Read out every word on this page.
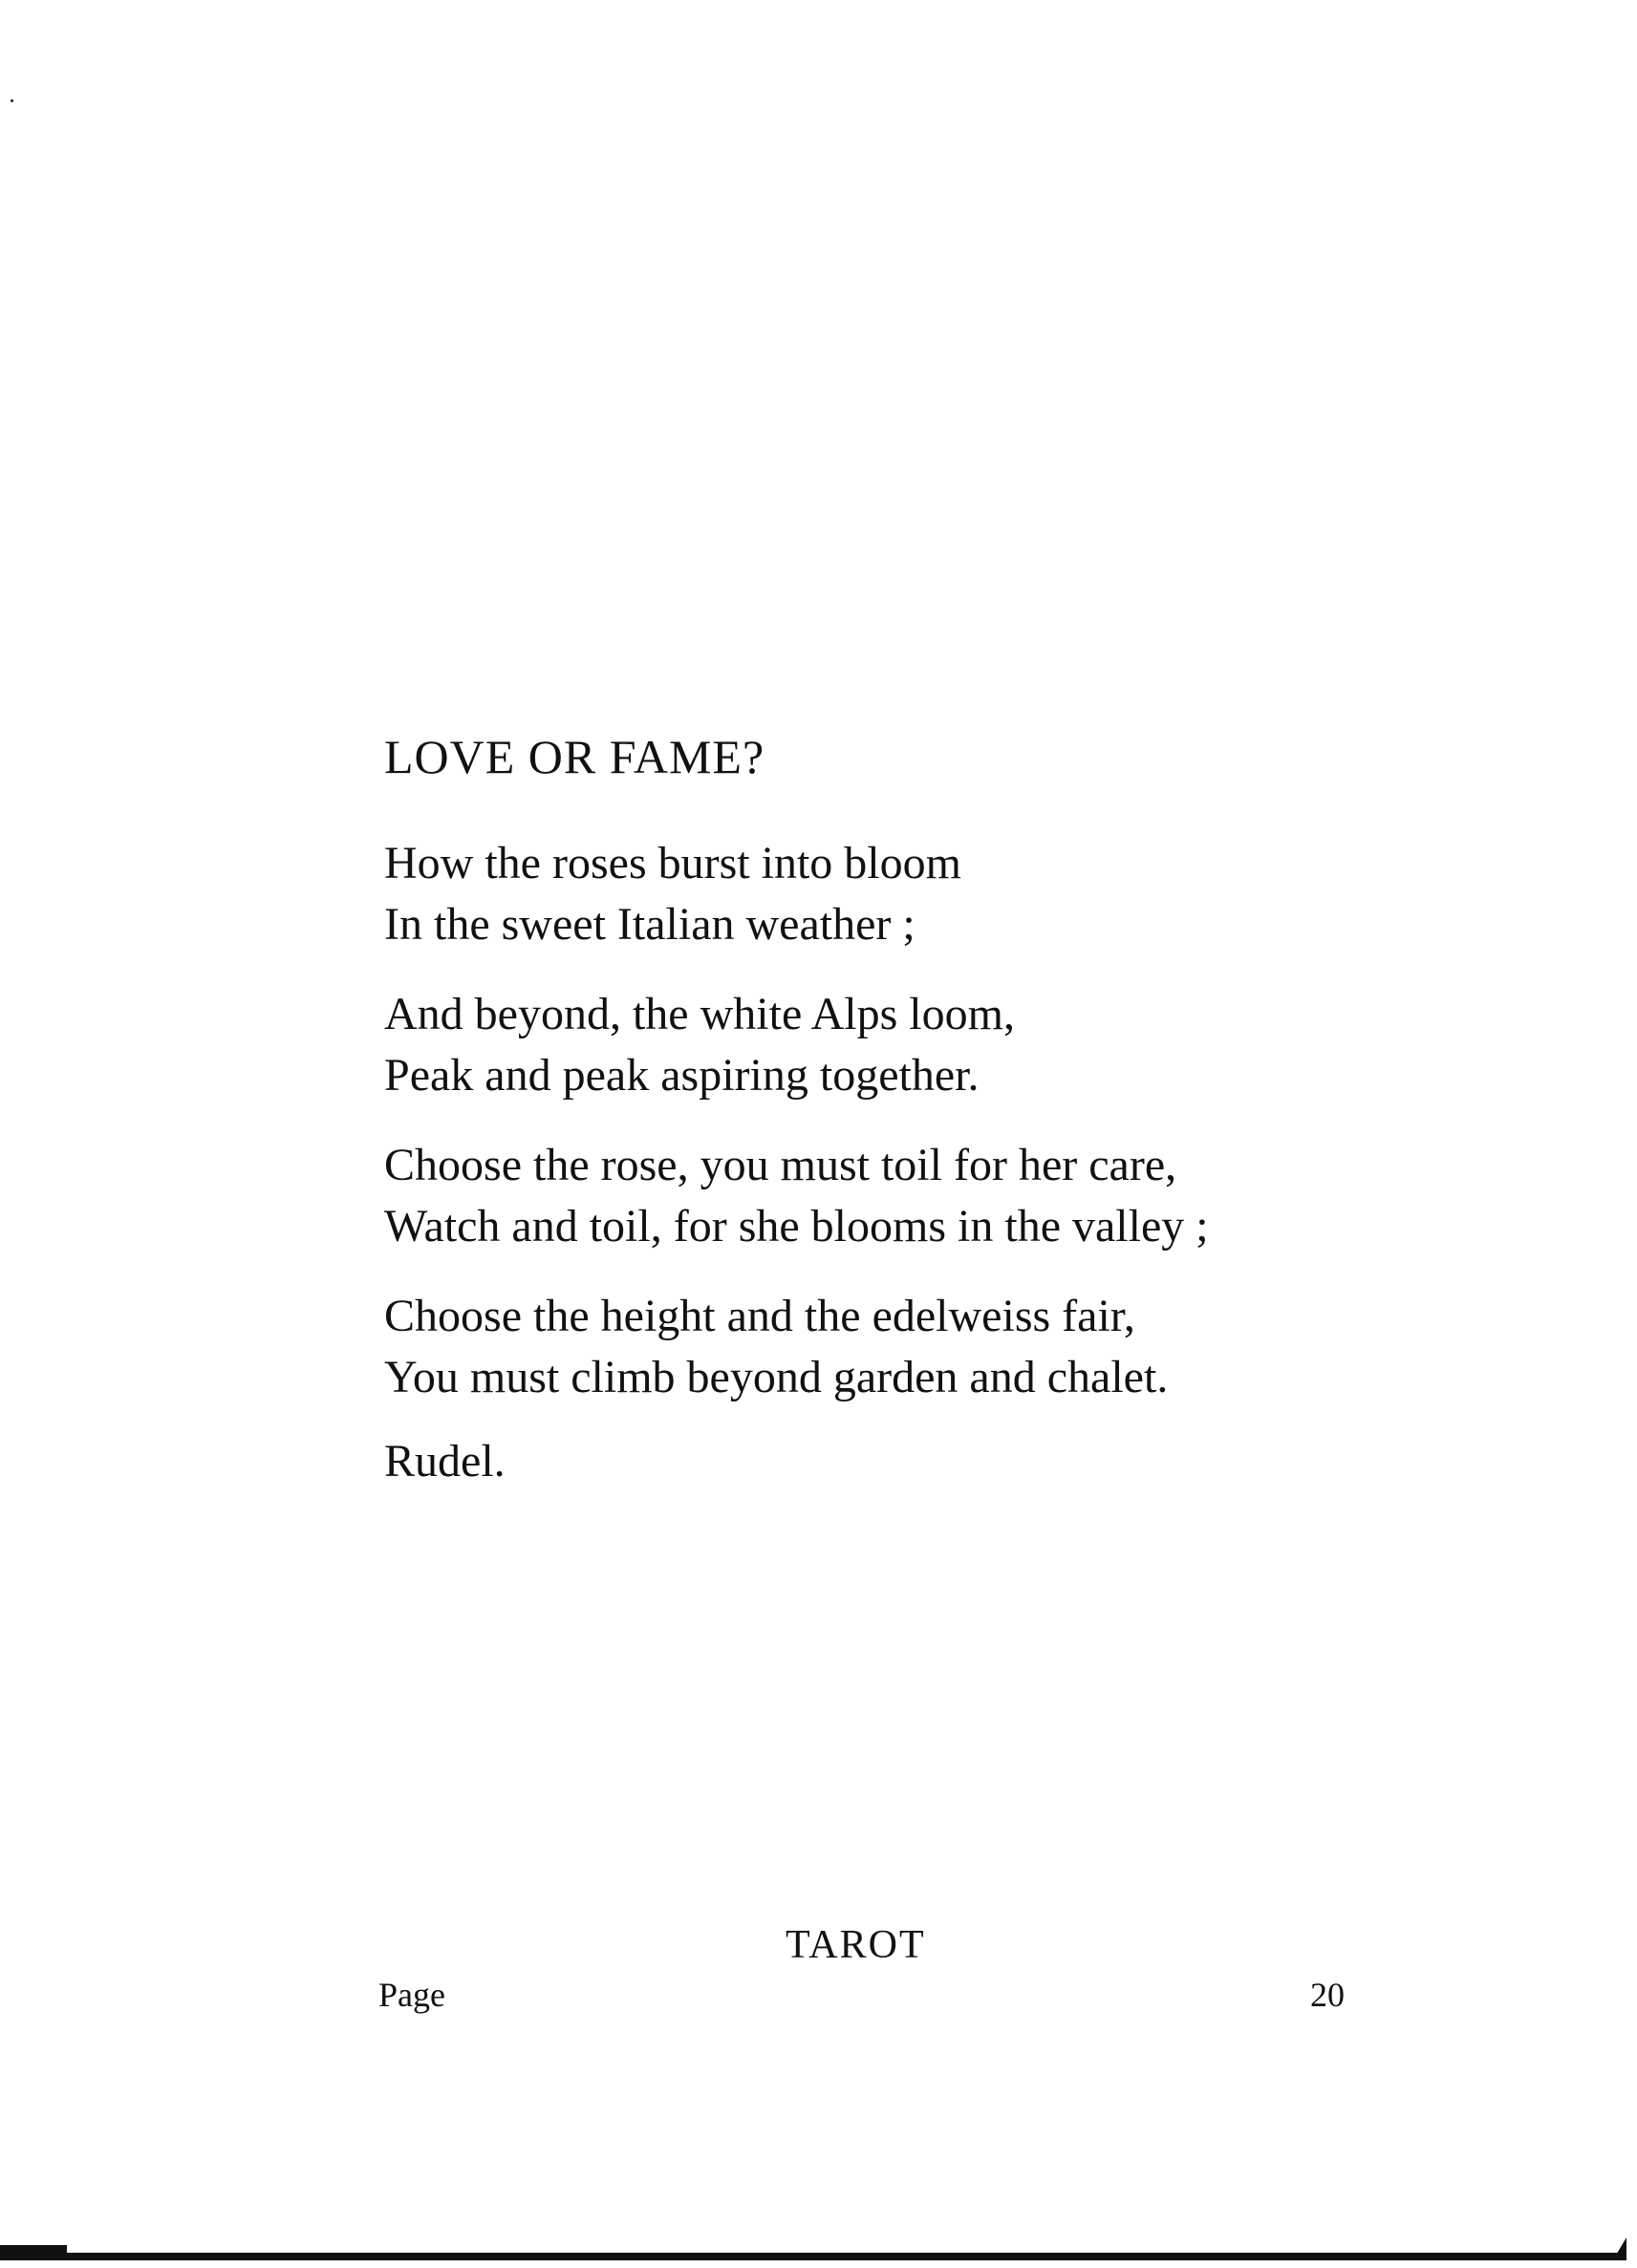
LOVE OR FAME?
How the roses burst into bloom
In the sweet Italian weather ;
And beyond, the white Alps loom,
Peak and peak aspiring together.
Choose the rose, you must toil for her care,
Watch and toil, for she blooms in the valley ;
Choose the height and the edelweiss fair,
You must climb beyond garden and chalet.
Rudel.
TAROT
Page	20
